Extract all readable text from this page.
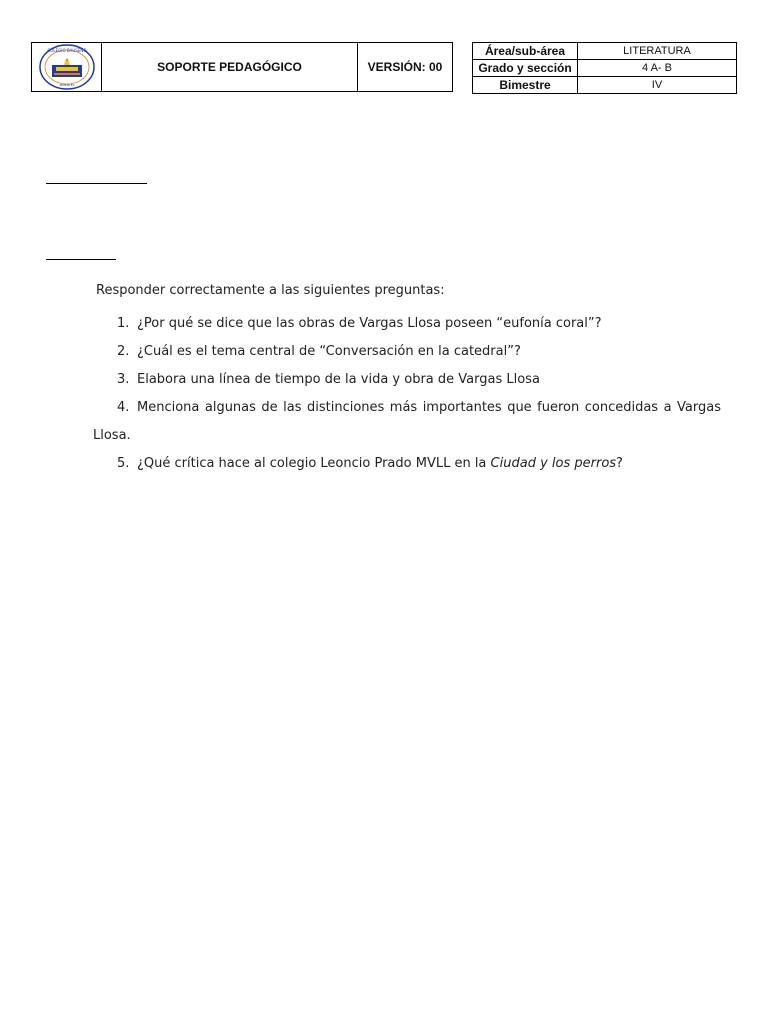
COLEGIO BAUSENO
PIMENTEL
SOPORTE PEDAGÓGICO	VERSIÓN: 00
Área/sub-área	LITERATURA
Grado y sección	4 A- B
Bimestre	IV

Responder correctamente a las siguientes preguntas:

1. ¿Por qué se dice que las obras de Vargas Llosa poseen “eufonía coral”?
2. ¿Cuál es el tema central de “Conversación en la catedral”?
3. Elabora una línea de tiempo de la vida y obra de Vargas Llosa
4. Menciona algunas de las distinciones más importantes que fueron concedidas a Vargas
Llosa.
5. ¿Qué crítica hace al colegio Leoncio Prado MVLL en la Ciudad y los perros?
